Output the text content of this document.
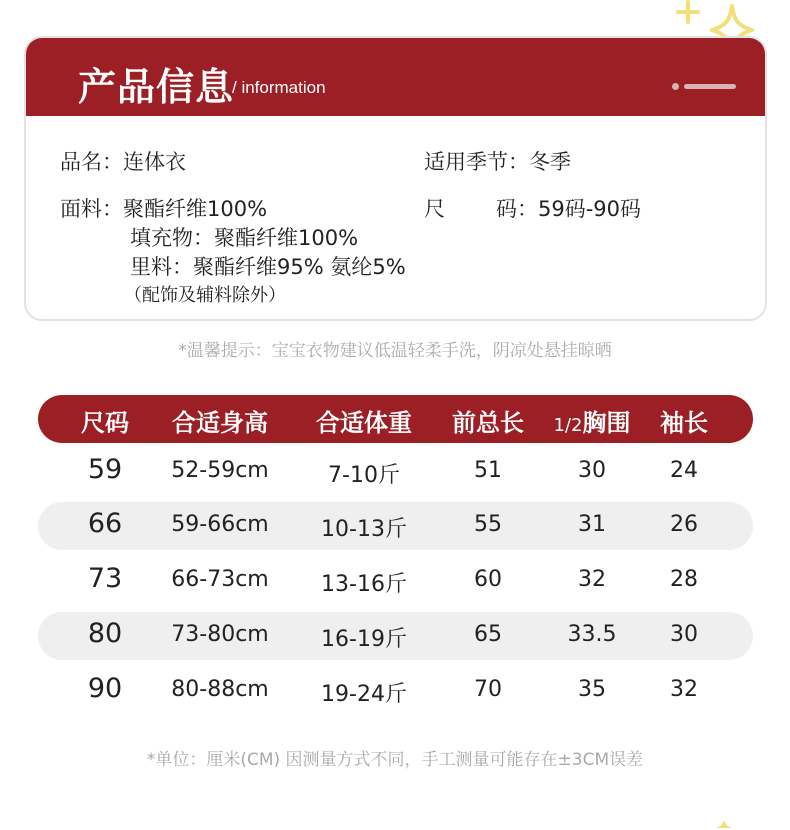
产品信息
/ information
品名：连体衣	适用季节：冬季
面料：聚酯纤维100%	尺 码：59码-90码
填充物：聚酯纤维100%
里料：聚酯纤维95% 氨纶5%
（配饰及辅料除外）
*温馨提示：宝宝衣物建议低温轻柔手洗，阴凉处悬挂晾晒
尺码 合适身高 合适体重 前总长 1/2胸围 袖长
59 52-59cm	7-10斤	51	30	24
66 59-66cm 10-13斤	55	31	26
73 66-73cm 13-16斤	60	32	28
80 73-80cm 16-19斤	65	33.5 30
90 80-88cm 19-24斤	70	35	32
*单位：厘米(CM) 因测量方式不同，手工测量可能存在±3CM误差
